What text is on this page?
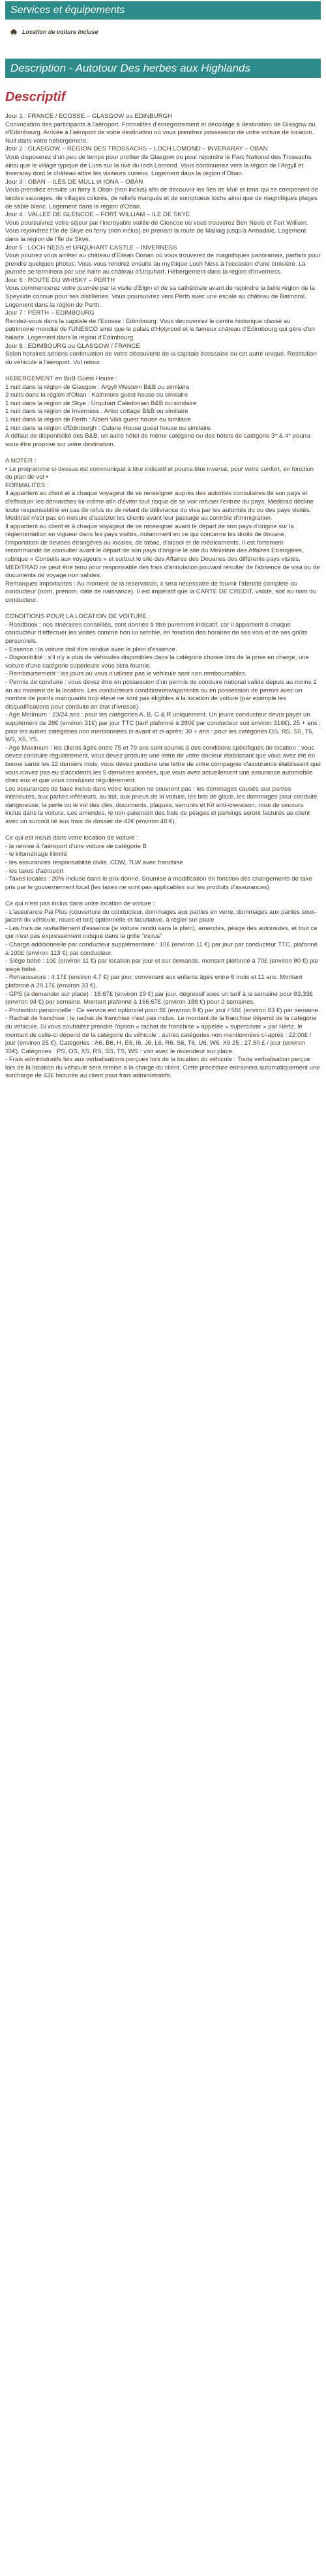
Services et équipements
Location de voiture incluse
Description - Autotour Des herbes aux Highlands
Descriptif

Jour 1 : FRANCE / ECOSSE – GLASGOW ou EDINBURGH

Convocation des participants à l'aéroport. Formalités d'enregistrement et décollage à destination de Glasgow ou d'Edimbourg. Arrivée à l'aéroport de votre destination où vous prendrez possession de votre voiture de location. Nuit dans votre hébergement.

Jour 2 : GLASGOW – REGION DES TROSSACHS – LOCH LOMOND – INVERARAY – OBAN

Vous disposerez d'un peu de temps pour profiter de Glasgow ou pour rejoindre le Parc National des Trossachs ainsi que le village typique de Luss sur la rive du loch Lomond. Vous continuerez vers la région de l'Argyll et Inveraray dont le château attire les visiteurs curieux. Logement dans la région d'Oban.

Jour 3 : OBAN – ILES DE MULL et IONA – OBAN

Vous prendrez ensuite un ferry à Oban (non inclus) afin de découvrir les îles de Mull et Iona qui se composent de landes sauvages, de villages colorés, de reliefs marqués et de somptueux lochs ainsi que de magnifiques plages de sable blanc. Logement dans la région d'Oban.

Jour 4 : VALLEE DE GLENCOE – FORT WILLIAM – ILE DE SKYE

Vous poursuivrez votre séjour par l'incroyable vallée de Glencoe où vous trouverez Ben Nevis et Fort William. Vous rejoindrez l'île de Skye en ferry (non inclus) en prenant la route de Mallaig jusqu'à Armadale. Logement dans la région de l'île de Skye.

Jour 5 : LOCH NESS et URQUHART CASTLE – INVERNESS

Vous pourrez vous arrêter au château d'Eilean Donan où vous trouverez de magnifiques panoramas, parfaits pour prendre quelques photos. Vous vous rendrez ensuite au mythique Loch Ness à l'occasion d'une croisière. La journée se terminera par une halte au château d'Urquhart. Hébergement dans la région d'Inverness.

Jour 6 : ROUTE DU WHISKY – PERTH

Vous commencerez votre journée par la visite d'Elgin et de sa cathédrale avant de rejoindre la belle région de la Speyside connue pour ses distilleries. Vous poursuivrez vers Perth avec une escale au château de Balmoral. Logement dans la région de Perth.

Jour 7 : PERTH – EDIMBOURG

Rendez-vous dans la capitale de l'Ecosse : Edimbourg. Vous découvrirez le centre historique classé au patrimoine mondial de l'UNESCO ainsi que le palais d'Holyrood et le fameux château d'Edimbourg qui gère d'un balade. Logement dans la région d'Edimbourg.

Jour 8 : EDIMBOURG ou GLASGOW / FRANCE

Selon horaires aériens continuation de votre découverte de la capitale écossaise ou cet autre unique. Restitution du véhicule à l'aéroport. Vol retour.

HEBERGEMENT en BnB Guest House :

1 nuit dans la région de Glasgow : Argyll Western B&B ou similaire

2 nuits dans la région d'Oban : Kathmore guest house ou similaire

1 nuit dans la région de Skye : Urquhart Caledonian B&B ou similaire

1 nuit dans la région de Inverness : Artist cottage B&B ou similaire

1 nuit dans la région de Perth : Albert Villa guest house ou similaire

1 nuit dans la région d'Edinburgh : Culane House guest house ou similaire

A défaut de disponibilité des B&B, un autre hôtel de même catégorie ou des hôtels de catégorie 3* & 4* pourra vous être proposé sur votre destination.

A NOTER :

• Le programme ci-dessus est communiqué à titre indicatif et pourra être inversé, pour votre confort, en fonction du plan de vol •

FORMALITES :

Il appartient au client et à chaque voyageur de se renseigner auprès des autorités consulaires de son pays et d'effectuer les démarches lui-même afin d'éviter tout risque de se voir refuser l'entrée du pays. Meditrad décline toute responsabilité en cas de refus ou de retard de délivrance du visa par les autorités du ou des pays visités. Meditrad n'est pas en mesure d'assister les clients avant leur passage au contrôle d'immigration.

Il appartient au client et à chaque voyageur de se renseigner avant le départ de son pays d'origine sur la réglementation en vigueur dans les pays visités, notamment en ce qui concerne les droits de douane, l'importation de devises étrangères ou locales, de tabac, d'alcool et de médicaments. Il est fortement recommandé de consulter avant le départ de son pays d'origine le site du Ministère des Affaires Etrangères, rubrique « Conseils aux voyageurs » et surtout le site des Affaires des Douanes des différents pays visités.

MEDITRAD ne peut être tenu pour responsable des frais d'annulation pouvant résulter de l'absence de visa ou de documents de voyage non valides.

Remarques importantes : Au moment de la réservation, il sera nécessaire de fournir l'identité complète du conducteur (nom, prénom, date de naissance). Il est impératif que la CARTE DE CREDIT, valide, soit au nom du conducteur.

CONDITIONS POUR LA LOCATION DE VOITURE :

- Roadbook : nos itinéraires conseillés, sont donnés à titre purement indicatif, car il appartient à chaque conducteur d'effectuer les visites comme bon lui semble, en fonction des horaires de ses vols et de ses goûts personnels.

- Essence : la voiture doit être rendue avec le plein d'essence.

- Disponibilité : s'il n'y a plus de véhicules disponibles dans la catégorie choisie lors de la prise en charge, une voiture d'une catégorie supérieure vous sera fournie.

- Remboursement : les jours où vous n'utilisez pas le véhicule sont non remboursables.

- Permis de conduire : vous devez être en possession d'un permis de conduire national valide depuis au moins 1 an au moment de la location. Les conducteurs conditionnels/apprentis ou en possession de permis avec un nombre de points manquants trop élevé ne sont pas éligibles à la location de voiture (par exemple les disqualifications pour conduite en état d'ivresse).

- Age Minimum : 23/24 ans : pour les catégories A, B, C & R uniquement. Un jeune conducteur devra payer un supplément de 28€ (environ 31€) par jour TTC (tarif plafonné à 280€ par conducteur soit environ 316€). 25 + ans : pour les autres catégories non mentionnées ci-avant et ci-après; 30 + ans : pour les catégories OS, RS, S5, T5, W5, X5, Y5.

- Age Maximum : les clients âgés entre 75 et 79 ans sont soumis à des conditions spécifiques de location : vous devez conduire régulièrement, vous devez produire une lettre de votre docteur établissant que vous avez été en bonne santé les 12 derniers mois, vous devez produire une lettre de votre compagnie d'assurance établissant que vous n'avez pas eu d'accidents les 5 dernières années, que vous avez actuellement une assurance automobile chez eux et que vous conduisez régulièrement.

Les assurances de base inclus dans votre location ne couvrent pas : les dommages causés aux parties intérieures, aux parties inférieurs, au toit, aux pneus de la voiture, les bris de glace, les dommages pour conduite dangereuse, la perte ou le vol des clés, documents, plaques, serrures et Kit anti-crevaison, roue de secours inclus dans la voiture. Les amendes, le non-paiement des frais de péages et parkings seront facturés au client avec un surcoût lié aux frais de dossier de 42€ (environ 48 €).

Ce qui est inclus dans votre location de voiture :

- la remise à l'aéroport d'une voiture de catégorie B

- le kilométrage illimité

- les assurances responsabilité civile, CDW, TLW avec franchise

- les taxes d'aéroport

- Taxes locales : 20% incluse dans le prix donné. Soumise à modification en fonction des changements de taxe pris par le gouvernement local (les taxes ne sont pas applicables sur les produits d'assurances)

Ce qui n'est pas inclus dans votre location de voiture :

- L'assurance Pai Plus (couverture du conducteur, dommages aux parties en verre, dommages aux parties sous-jacent du véhicule, roues et toit) optionnelle et facultative, à régler sur place

- Les frais de ravitaillement d'essence (si voiture rendu sans le plein), amendes, péage des autoroutes, et tout ce qui n'est pas expressément indiqué dans la grille "inclus"

- Charge additionnelle par conducteur supplémentaire : 10£ (environ 11 €) par jour par conducteur TTC, plafonné à 100£ (environ 113 €) par conducteur.

- Siège bébé : 10£ (environ 11 €) par location par jour et sur demande, montant plafonné à 70£ (environ 80 €) par siège bébé.

- Rehausseurs : 4.17£ (environ 4.7 €) par jour, convenant aux enfants âgés entre 6 mois et 11 ans. Montant plafonné à 29.17£ (environ 33 €).

- GPS (à demander sur place) : 16.67£ (environ 19 €) par jour, dégressif avec un tarif à la semaine pour 83.33£ (environ 94 €) par semaine. Montant plafonné à 166.67£ (environ 188 €) pour 2 semaines.

- Protection personnelle : Ce service est optionnel pour 8£ (environ 9 €) par jour / 56£ (environ 63 €) par semaine.

- Rachat de franchise : le rachat de franchise n'est pas inclus. Le montant de la franchise dépend de la catégorie du véhicule. Si vous souhaitez prendre l'option « rachat de franchise » appelée « supercover » par Hertz, le montant de celle-ci dépend de la catégorie du véhicule : autres catégories non mentionnées ci-après : 22.00£ / jour (environ 25 €). Catégories : A6, B6, H, E6, I6, J6, L6, R6, S6, T6, U6, W6, X6 25 : 27.50 £ / jour (environ 31€). Catégories : PS, OS, XS, RS, SS, TS, WS : voir avec le revendeur sur place.

- Frais administratifs liés aux verbalisations perçues lors de la location du véhicule : Toute verbalisation perçue lors de la location du véhicule sera remise à la charge du client. Cette procédure entrainera automatiquement une surcharge de 42£ facturée au client pour frais administratifs.
